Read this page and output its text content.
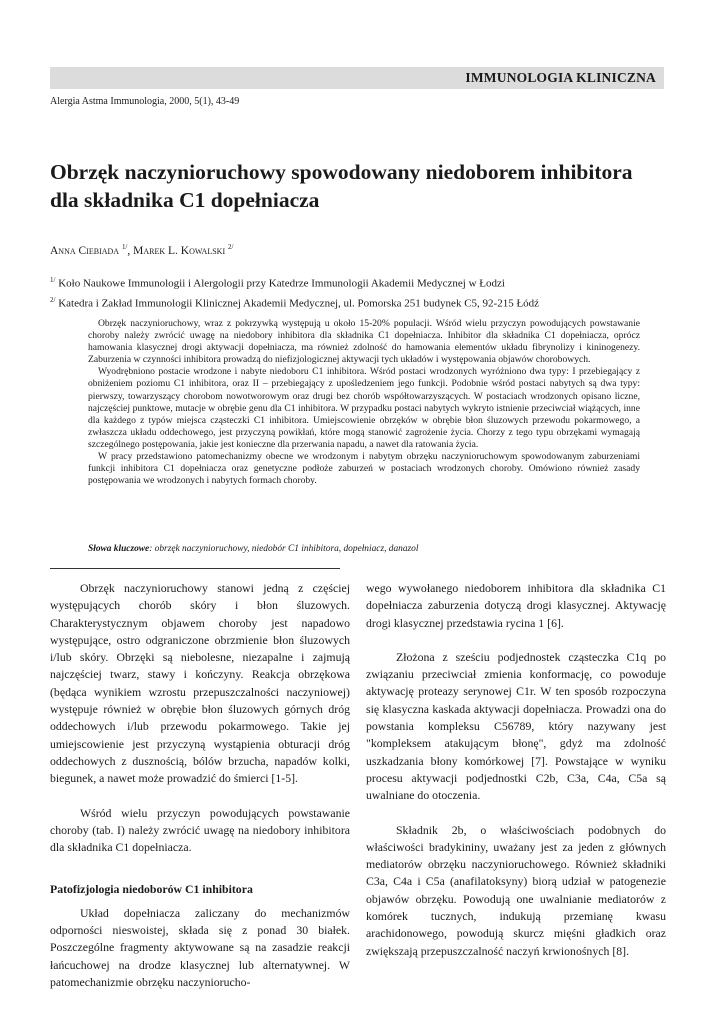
IMMUNOLOGIA KLINICZNA
Alergia Astma Immunologia, 2000, 5(1), 43-49
Obrzęk naczynioruchowy spowodowany niedoborem inhibitora dla składnika C1 dopełniacza
Anna Ciebiada $^{1/}$, Marek L. Kowalski $^{2/}$
$^{1/}$ Koło Naukowe Immunologii i Alergologii przy Katedrze Immunologii Akademii Medycznej w Łodzi
$^{2/}$ Katedra i Zakład Immunologii Klinicznej Akademii Medycznej, ul. Pomorska 251 budynek C5, 92-215 Łódź

Obrzęk naczynioruchowy, wraz z pokrzywką występują u około 15-20% populacji. Wśród wielu przyczyn powodujących powstawanie choroby należy zwrócić uwagę na niedobory inhibitora dla składnika C1 dopełniacza. Inhibitor dla składnika C1 dopełniacza, oprócz hamowania klasycznej drogi aktywacji dopełniacza, ma również zdolność do hamowania elementów układu fibrynolizy i kininogenezy. Zaburzenia w czynności inhibitora prowadzą do niefizjologicznej aktywacji tych układów i występowania objawów chorobowych.

Wyodrębniono postacie wrodzone i nabyte niedoboru C1 inhibitora. Wśród postaci wrodzonych wyróżniono dwa typy: I przebiegający z obniżeniem poziomu C1 inhibitora, oraz II – przebiegający z upośledzeniem jego funkcji. Podobnie wśród postaci nabytych są dwa typy: pierwszy, towarzyszący chorobom nowotworowym oraz drugi bez chorób współtowarzyszących. W postaciach wrodzonych opisano liczne, najczęściej punktowe, mutacje w obrębie genu dla C1 inhibitora. W przypadku postaci nabytych wykryto istnienie przeciwciał wiążących, inne dla każdego z typów miejsca cząsteczki C1 inhibitora. Umiejscowienie obrzęków w obrębie błon śluzowych przewodu pokarmowego, a zwłaszcza układu oddechowego, jest przyczyną powikłań, które mogą stanowić zagrożenie życia. Chorzy z tego typu obrzękami wymagają szczególnego postępowania, jakie jest konieczne dla przerwania napadu, a nawet dla ratowania życia.

W pracy przedstawiono patomechanizmy obecne we wrodzonym i nabytym obrzęku naczynioruchowym spowodowanym zaburzeniami funkcji inhibitora C1 dopełniacza oraz genetyczne podłoże zaburzeń w postaciach wrodzonych choroby. Omówiono również zasady postępowania we wrodzonych i nabytych formach choroby.

Słowa kluczowe: obrzęk naczynioruchowy, niedobór C1 inhibitora, dopełniacz, danazol

Obrzęk naczynioruchowy stanowi jedną z częściej występujących chorób skóry i błon śluzowych. Charakterystycznym objawem choroby jest napadowo występujące, ostro odgraniczone obrzmienie błon śluzowych i/lub skóry. Obrzęki są niebolesne, niezapalne i zajmują najczęściej twarz, stawy i kończyny. Reakcja obrzękowa (będąca wynikiem wzrostu przepuszczalności naczyniowej) występuje również w obrębie błon śluzowych górnych dróg oddechowych i/lub przewodu pokarmowego. Takie jej umiejscowienie jest przyczyną wystąpienia obturacji dróg oddechowych z dusznością, bólów brzucha, napadów kolki, biegunek, a nawet może prowadzić do śmierci [1-5].

Wśród wielu przyczyn powodujących powstawanie choroby (tab. I) należy zwrócić uwagę na niedobory inhibitora dla składnika C1 dopełniacza.

Patofizjologia niedoborów C1 inhibitora

Układ dopełniacza zaliczany do mechanizmów odporności nieswoistej, składa się z ponad 30 białek. Poszczególne fragmenty aktywowane są na zasadzie reakcji łańcuchowej na drodze klasycznej lub alternatywnej. W patomechanizmie obrzęku naczyniorucho-

wego wywołanego niedoborem inhibitora dla składnika C1 dopełniacza zaburzenia dotyczą drogi klasycznej. Aktywację drogi klasycznej przedstawia rycina 1 [6].

Złożona z sześciu podjednostek cząsteczka C1q po związaniu przeciwciał zmienia konformację, co powoduje aktywację proteazy serynowej C1r. W ten sposób rozpoczyna się klasyczna kaskada aktywacji dopełniacza. Prowadzi ona do powstania kompleksu C56789, który nazywany jest "kompleksem atakującym błonę", gdyż ma zdolność uszkadzania błony komórkowej [7]. Powstające w wyniku procesu aktywacji podjednostki C2b, C3a, C4a, C5a są uwalniane do otoczenia.

Składnik 2b, o właściwościach podobnych do właściwości bradykininy, uważany jest za jeden z głównych mediatorów obrzęku naczynioruchowego. Również składniki C3a, C4a i C5a (anafilatoksyny) biorą udział w patogenezie objawów obrzęku. Powodują one uwalnianie mediatorów z komórek tucznych, indukują przemianę kwasu arachidonowego, powodują skurcz mięśni gładkich oraz zwiększają przepuszczalność naczyń krwionośnych [8].
